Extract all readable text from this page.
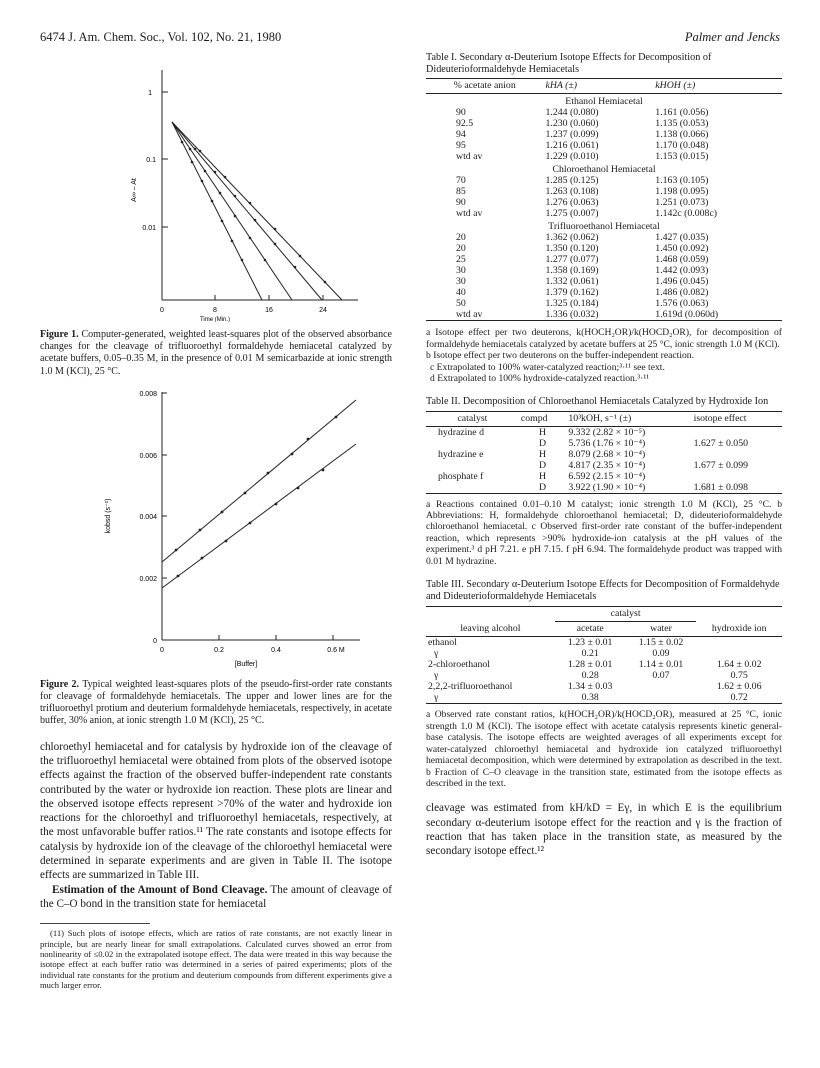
6474 J. Am. Chem. Soc., Vol. 102, No. 21, 1980	Palmer and Jencks
1
0.1
0.01
A∞ – At
0	8	16	24
Time (Min.)
Figure 1. Computer-generated, weighted least-squares plot of the observed absorbance changes for the cleavage of trifluoroethyl formaldehyde hemiacetal catalyzed by acetate buffers, 0.05–0.35 M, in the presence of 0.01 M semicarbazide at ionic strength 1.0 M (KCl), 25 °C.
0.008
0.006
0.004
0.002
0
kobsd (s⁻¹)
0	0.2	0.4	0.6 M
[Buffer]
Figure 2. Typical weighted least-squares plots of the pseudo-first-order rate constants for cleavage of formaldehyde hemiacetals. The upper and lower lines are for the trifluoroethyl protium and deuterium formaldehyde hemiacetals, respectively, in acetate buffer, 30% anion, at ionic strength 1.0 M (KCl), 25 °C.
chloroethyl hemiacetal and for catalysis by hydroxide ion of the cleavage of the trifluoroethyl hemiacetal were obtained from plots of the observed isotope effects against the fraction of the observed buffer-independent rate constants contributed by the water or hydroxide ion reaction. These plots are linear and the observed isotope effects represent >70% of the water and hydroxide ion reactions for the chloroethyl and trifluoroethyl hemiacetals, respectively, at the most unfavorable buffer ratios.¹¹ The rate constants and isotope effects for catalysis by hydroxide ion of the cleavage of the chloroethyl hemiacetal were determined in separate experiments and are given in Table II. The isotope effects are summarized in Table III.
Estimation of the Amount of Bond Cleavage. The amount of cleavage of the C–O bond in the transition state for hemiacetal
(11) Such plots of isotope effects, which are ratios of rate constants, are not exactly linear in principle, but are nearly linear for small extrapolations. Calculated curves showed an error from nonlinearity of ≤0.02 in the extrapolated isotope effect. The data were treated in this way because the isotope effect at each buffer ratio was determined in a series of paired experiments; plots of the individual rate constants for the protium and deuterium compounds from different experiments give a much larger error.
Table I. Secondary α-Deuterium Isotope Effects for Decomposition of Dideuterioformaldehyde Hemiacetals
% acetate anion	kHA (±)	kHOH (±)
Ethanol Hemiacetal		
90	1.244 (0.080)	1.161 (0.056)
92.5	1.230 (0.060)	1.135 (0.053)
94	1.237 (0.099)	1.138 (0.066)
95	1.216 (0.061)	1.170 (0.048)
wtd av	1.229 (0.010)	1.153 (0.015)
Chloroethanol Hemiacetal		
70	1.285 (0.125)	1.163 (0.105)
85	1.263 (0.108)	1.198 (0.095)
90	1.276 (0.063)	1.251 (0.073)
wtd av	1.275 (0.007)	1.142c (0.008c)
Trifluoroethanol Hemiacetal		
20	1.362 (0.062)	1.427 (0.035)
20	1.350 (0.120)	1.450 (0.092)
25	1.277 (0.077)	1.468 (0.059)
30	1.358 (0.169)	1.442 (0.093)
30	1.332 (0.061)	1.496 (0.045)
40	1.379 (0.162)	1.486 (0.082)
50	1.325 (0.184)	1.576 (0.063)
wtd av	1.336 (0.032)	1.619d (0.060d)
a Isotope effect per two deuterons, k(HOCH₂OR)/k(HOCD₂OR), for decomposition of formaldehyde hemiacetals catalyzed by acetate buffers at 25 °C, ionic strength 1.0 M (KCl).
b Isotope effect per two deuterons on the buffer-independent reaction.
c Extrapolated to 100% water-catalyzed reaction;³·¹¹ see text.
d Extrapolated to 100% hydroxide-catalyzed reaction.³·¹¹
Table II. Decomposition of Chloroethanol Hemiacetals Catalyzed by Hydroxide Ion
catalyst	compd	10³kOH, s⁻¹ (±)	isotope effect
hydrazine d	H	9.332 (2.82 × 10⁻⁵)	
	D	5.736 (1.76 × 10⁻⁴)	1.627 ± 0.050
hydrazine e	H	8.079 (2.68 × 10⁻⁴)	
	D	4.817 (2.35 × 10⁻⁴)	1.677 ± 0.099
phosphate f	H	6.592 (2.15 × 10⁻⁴)	
	D	3.922 (1.90 × 10⁻⁴)	1.681 ± 0.098
a Reactions contained 0.01–0.10 M catalyst; ionic strength 1.0 M (KCl), 25 °C. b Abbreviations: H, formaldehyde chloroethanol hemiacetal; D, dideuterioformaldehyde chloroethanol hemiacetal. c Observed first-order rate constant of the buffer-independent reaction, which represents >90% hydroxide-ion catalysis at the pH values of the experiment.³ d pH 7.21. e pH 7.15. f pH 6.94. The formaldehyde product was trapped with 0.01 M hydrazine.
Table III. Secondary α-Deuterium Isotope Effects for Decomposition of Formaldehyde and Dideuterioformaldehyde Hemiacetals
	catalyst		
leaving alcohol	acetate	water	hydroxide ion
ethanol	1.23 ± 0.01	1.15 ± 0.02	
γ	0.21	0.09	
2-chloroethanol	1.28 ± 0.01	1.14 ± 0.01	1.64 ± 0.02
γ	0.28	0.07	0.75
2,2,2-trifluoroethanol	1.34 ± 0.03		1.62 ± 0.06
γ	0.38		0.72
a Observed rate constant ratios, k(HOCH₂OR)/k(HOCD₂OR), measured at 25 °C, ionic strength 1.0 M (KCl). The isotope effect with acetate catalysis represents kinetic general-base catalysis. The isotope effects are weighted averages of all experiments except for water-catalyzed chloroethyl hemiacetal and hydroxide ion catalyzed trifluoroethyl hemiacetal decomposition, which were determined by extrapolation as described in the text. b Fraction of C–O cleavage in the transition state, estimated from the isotope effects as described in the text.
cleavage was estimated from kH/kD = Eγ, in which E is the equilibrium secondary α-deuterium isotope effect for the reaction and γ is the fraction of reaction that has taken place in the transition state, as measured by the secondary isotope effect.¹²
